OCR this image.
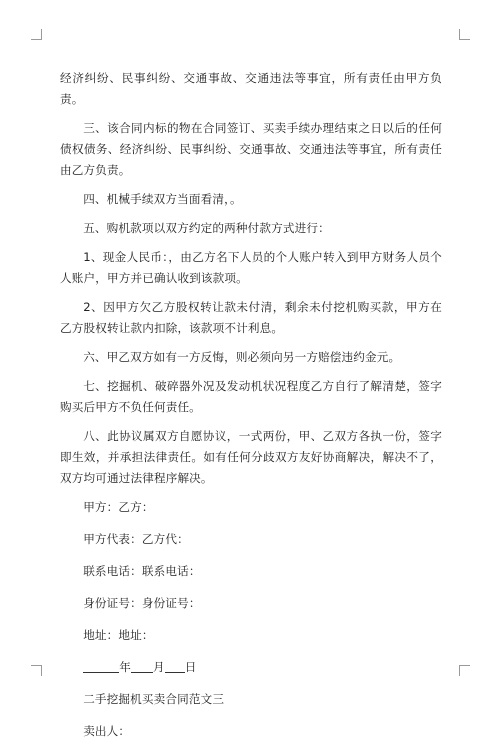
经济纠纷、民事纠纷、交通事故、交通违法等事宜，所有责任由甲方负责。

三、该合同内标的物在合同签订、买卖手续办理结束之日以后的任何债权债务、经济纠纷、民事纠纷、交通事故、交通违法等事宜，所有责任由乙方负责。

四、机械手续双方当面看清，。

五、购机款项以双方约定的两种付款方式进行：

1、现金人民币：，由乙方名下人员的个人账户转入到甲方财务人员个人账户，甲方并已确认收到该款项。

2、因甲方欠乙方股权转让款未付清，剩余未付挖机购买款，甲方在乙方股权转让款内扣除，该款项不计利息。

六、甲乙双方如有一方反悔，则必须向另一方赔偿违约金元。

七、挖掘机、破碎器外况及发动机状况程度乙方自行了解清楚，签字购买后甲方不负任何责任。

八、此协议属双方自愿协议，一式两份，甲、乙双方各执一份，签字即生效，并承担法律责任。如有任何分歧双方友好协商解决，解决不了，双方均可通过法律程序解决。

甲方：乙方：

甲方代表：乙方代：

联系电话：联系电话：

身份证号：身份证号：

地址：地址：

年 月 日

二手挖掘机买卖合同范文三

卖出人：
